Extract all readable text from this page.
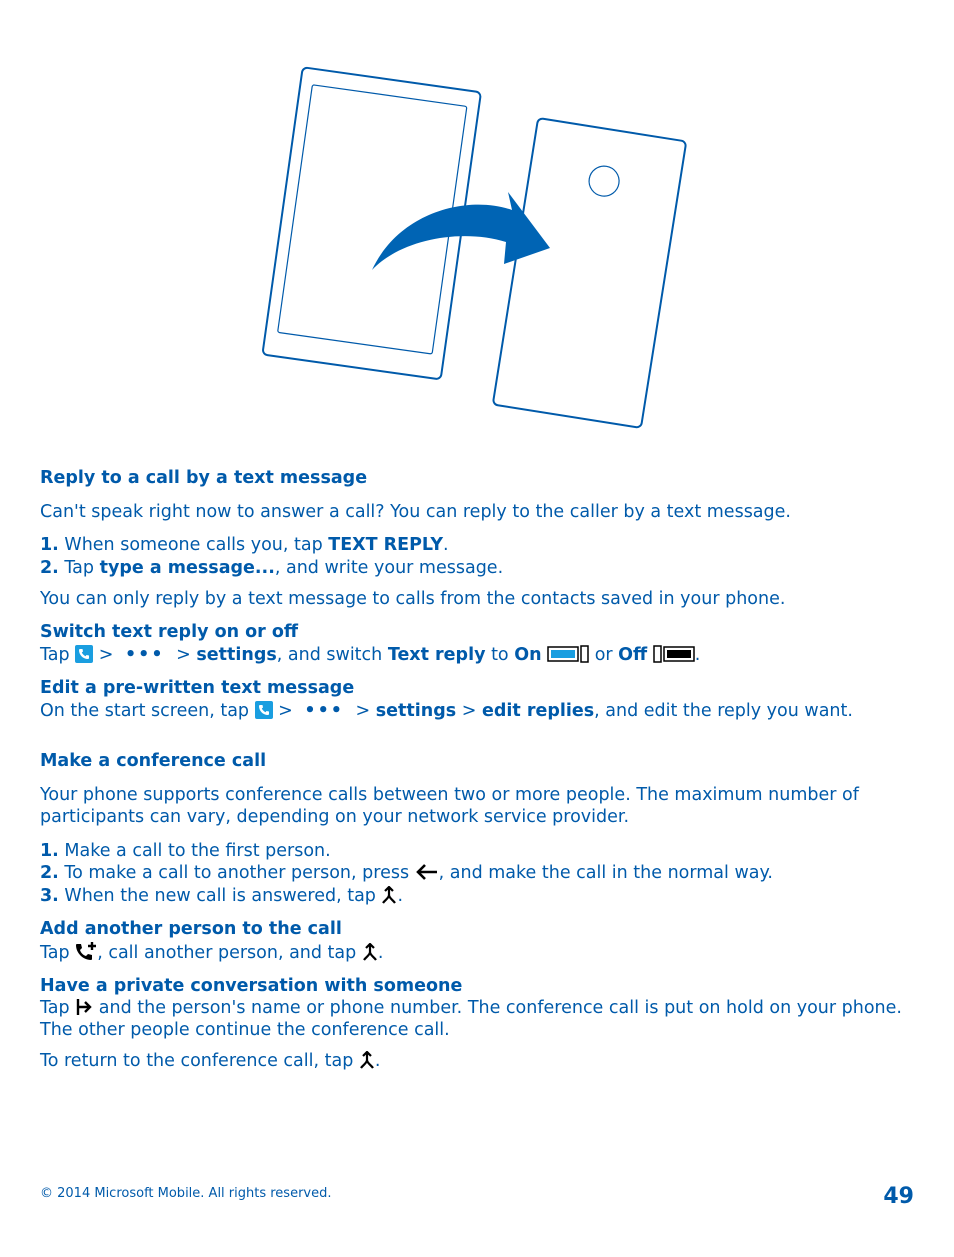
Reply to a call by a text message
Can't speak right now to answer a call? You can reply to the caller by a text message.
1. When someone calls you, tap TEXT REPLY.
2. Tap type a message..., and write your message.
You can only reply by a text message to calls from the contacts saved in your phone.
Switch text reply on or off
Tap
> ••• > settings, and switch Text reply to On	or Off	.
Edit a pre-written text message
On the start screen, tap
> ••• > settings > edit replies, and edit the reply you want.
Make a conference call
Your phone supports conference calls between two or more people. The maximum number of
participants can vary, depending on your network service provider.
1. Make a call to the first person.
2. To make a call to another person, press , and make the call in the normal way.
3. When the new call is answered, tap .
Add another person to the call
Tap , call another person, and tap .
Have a private conversation with someone
Tap  and the person's name or phone number. The conference call is put on hold on your phone.
The other people continue the conference call.
To return to the conference call, tap .
© 2014 Microsoft Mobile. All rights reserved.	49
